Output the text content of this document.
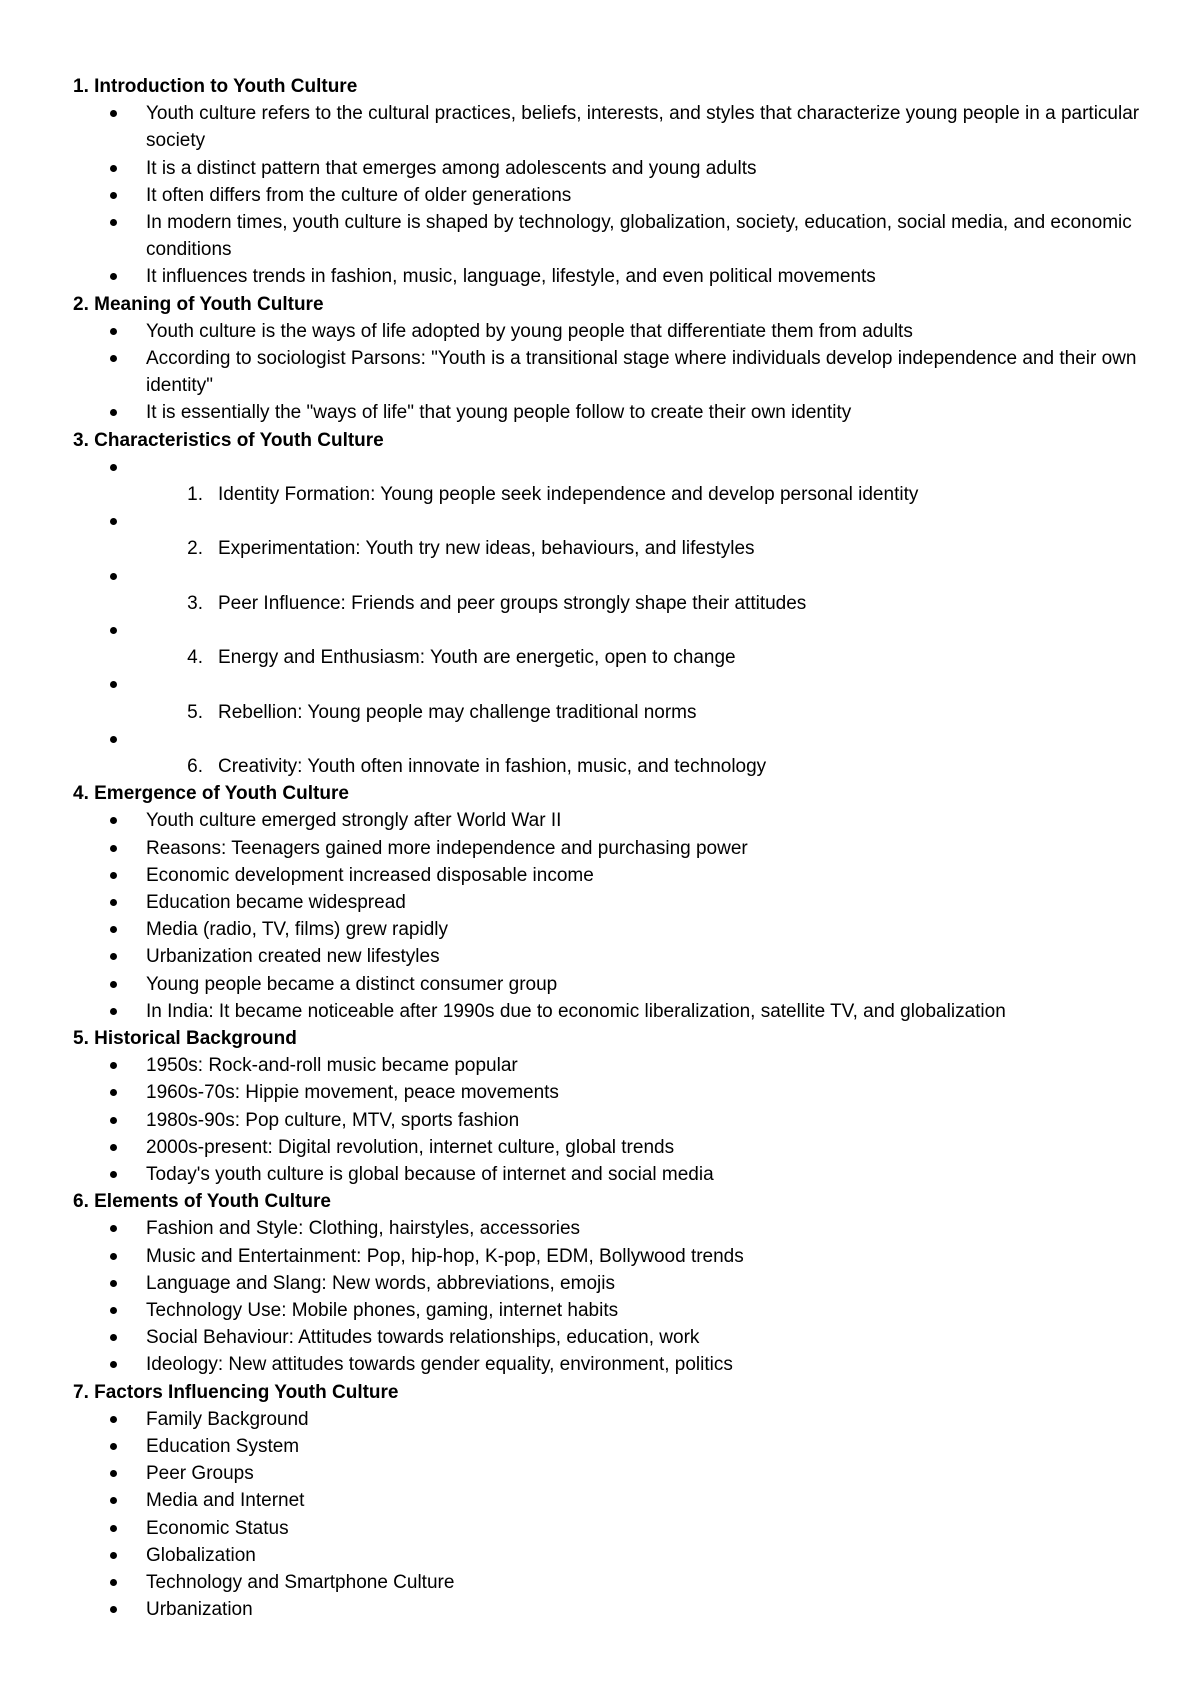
1. Introduction to Youth Culture
Youth culture refers to the cultural practices, beliefs, interests, and styles that characterize young people in a particular society
It is a distinct pattern that emerges among adolescents and young adults
It often differs from the culture of older generations
In modern times, youth culture is shaped by technology, globalization, society, education, social media, and economic conditions
It influences trends in fashion, music, language, lifestyle, and even political movements
2. Meaning of Youth Culture
Youth culture is the ways of life adopted by young people that differentiate them from adults
According to sociologist Parsons: "Youth is a transitional stage where individuals develop independence and their own identity"
It is essentially the "ways of life" that young people follow to create their own identity
3. Characteristics of Youth Culture
1. Identity Formation: Young people seek independence and develop personal identity
2. Experimentation: Youth try new ideas, behaviours, and lifestyles
3. Peer Influence: Friends and peer groups strongly shape their attitudes
4. Energy and Enthusiasm: Youth are energetic, open to change
5. Rebellion: Young people may challenge traditional norms
6. Creativity: Youth often innovate in fashion, music, and technology
4. Emergence of Youth Culture
Youth culture emerged strongly after World War II
Reasons: Teenagers gained more independence and purchasing power
Economic development increased disposable income
Education became widespread
Media (radio, TV, films) grew rapidly
Urbanization created new lifestyles
Young people became a distinct consumer group
In India: It became noticeable after 1990s due to economic liberalization, satellite TV, and globalization
5. Historical Background
1950s: Rock-and-roll music became popular
1960s-70s: Hippie movement, peace movements
1980s-90s: Pop culture, MTV, sports fashion
2000s-present: Digital revolution, internet culture, global trends
Today's youth culture is global because of internet and social media
6. Elements of Youth Culture
Fashion and Style: Clothing, hairstyles, accessories
Music and Entertainment: Pop, hip-hop, K-pop, EDM, Bollywood trends
Language and Slang: New words, abbreviations, emojis
Technology Use: Mobile phones, gaming, internet habits
Social Behaviour: Attitudes towards relationships, education, work
Ideology: New attitudes towards gender equality, environment, politics
7. Factors Influencing Youth Culture
Family Background
Education System
Peer Groups
Media and Internet
Economic Status
Globalization
Technology and Smartphone Culture
Urbanization
